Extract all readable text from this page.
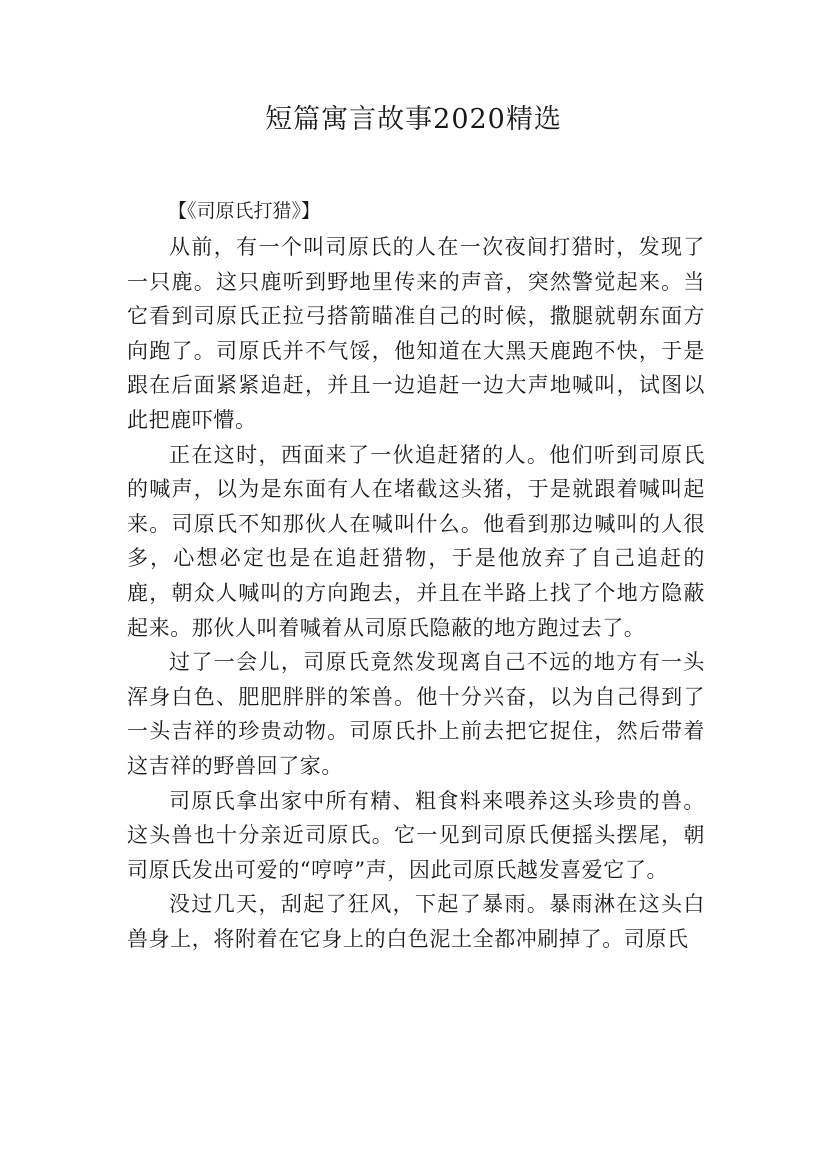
短篇寓言故事2020精选
【《司原氏打猎》】

从前，有一个叫司原氏的人在一次夜间打猎时，发现了一只鹿。这只鹿听到野地里传来的声音，突然警觉起来。当它看到司原氏正拉弓搭箭瞄准自己的时候，撒腿就朝东面方向跑了。司原氏并不气馁，他知道在大黑天鹿跑不快，于是跟在后面紧紧追赶，并且一边追赶一边大声地喊叫，试图以此把鹿吓懵。

正在这时，西面来了一伙追赶猪的人。他们听到司原氏的喊声，以为是东面有人在堵截这头猪，于是就跟着喊叫起来。司原氏不知那伙人在喊叫什么。他看到那边喊叫的人很多，心想必定也是在追赶猎物，于是他放弃了自己追赶的鹿，朝众人喊叫的方向跑去，并且在半路上找了个地方隐蔽起来。那伙人叫着喊着从司原氏隐蔽的地方跑过去了。

过了一会儿，司原氏竟然发现离自己不远的地方有一头浑身白色、肥肥胖胖的笨兽。他十分兴奋，以为自己得到了一头吉祥的珍贵动物。司原氏扑上前去把它捉住，然后带着这吉祥的野兽回了家。

司原氏拿出家中所有精、粗食料来喂养这头珍贵的兽。这头兽也十分亲近司原氏。它一见到司原氏便摇头摆尾，朝司原氏发出可爱的“哼哼”声，因此司原氏越发喜爱它了。

没过几天，刮起了狂风，下起了暴雨。暴雨淋在这头白兽身上，将附着在它身上的白色泥土全都冲刷掉了。司原氏
